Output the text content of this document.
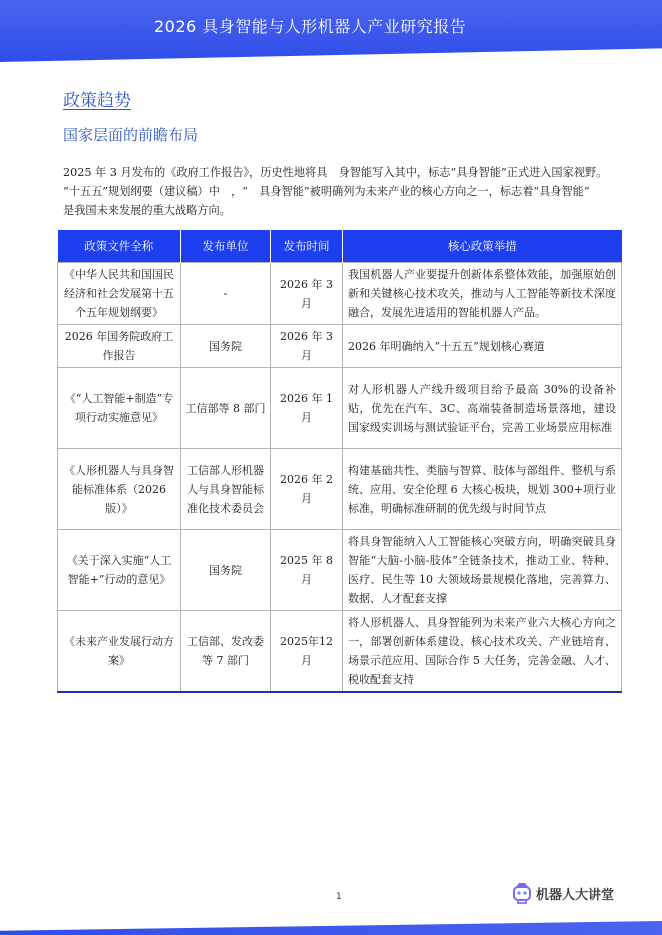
2026 具身智能与人形机器人产业研究报告
政策趋势
国家层面的前瞻布局

2025 年 3 月发布的《政府工作报告》，历史性地将具　身智能写入其中，标志“具身智能”正式进入国家视野。

“十五五”规划纲要（建议稿）中　，“　具身智能”被明确列为未来产业的核心方向之一，标志着“具身智能”

是我国未来发展的重大战略方向。

政策文件全称	发布单位	发布时间	核心政策举措
《中华人民共和国国民经济和社会发展第十五个五年规划纲要》	-	2026 年 3 月	我国机器人产业要提升创新体系整体效能，加强原始创新和关键核心技术攻关，推动与人工智能等新技术深度融合，发展先进适用的智能机器人产品。
2026 年国务院政府工作报告	国务院	2026 年 3 月	2026 年明确纳入“十五五”规划核心赛道
《“人工智能+制造”专项行动实施意见》	工信部等 8 部门	2026 年 1 月	对人形机器人产线升级项目给予最高 30%的设备补贴，优先在汽车、3C、高端装备制造场景落地，建设国家级实训场与测试验证平台，完善工业场景应用标准
《人形机器人与具身智能标准体系（2026 版）》	工信部人形机器人与具身智能标准化技术委员会	2026 年 2 月	构建基础共性、类脑与智算、肢体与部组件、整机与系统、应用、安全伦理 6 大核心板块，规划 300+项行业标准，明确标准研制的优先级与时间节点
《关于深入实施“人工智能+”行动的意见》	国务院	2025 年 8 月	将具身智能纳入人工智能核心突破方向，明确突破具身智能“大脑-小脑-肢体”全链条技术，推动工业、特种、医疗、民生等 10 大领域场景规模化落地，完善算力、数据、人才配套支撑
《未来产业发展行动方案》	工信部、发改委等 7 部门	2025年12月	将人形机器人、具身智能列为未来产业六大核心方向之一，部署创新体系建设、核心技术攻关、产业链培育、场景示范应用、国际合作 5 大任务，完善金融、人才、税收配套支持
1	机器人大讲堂
